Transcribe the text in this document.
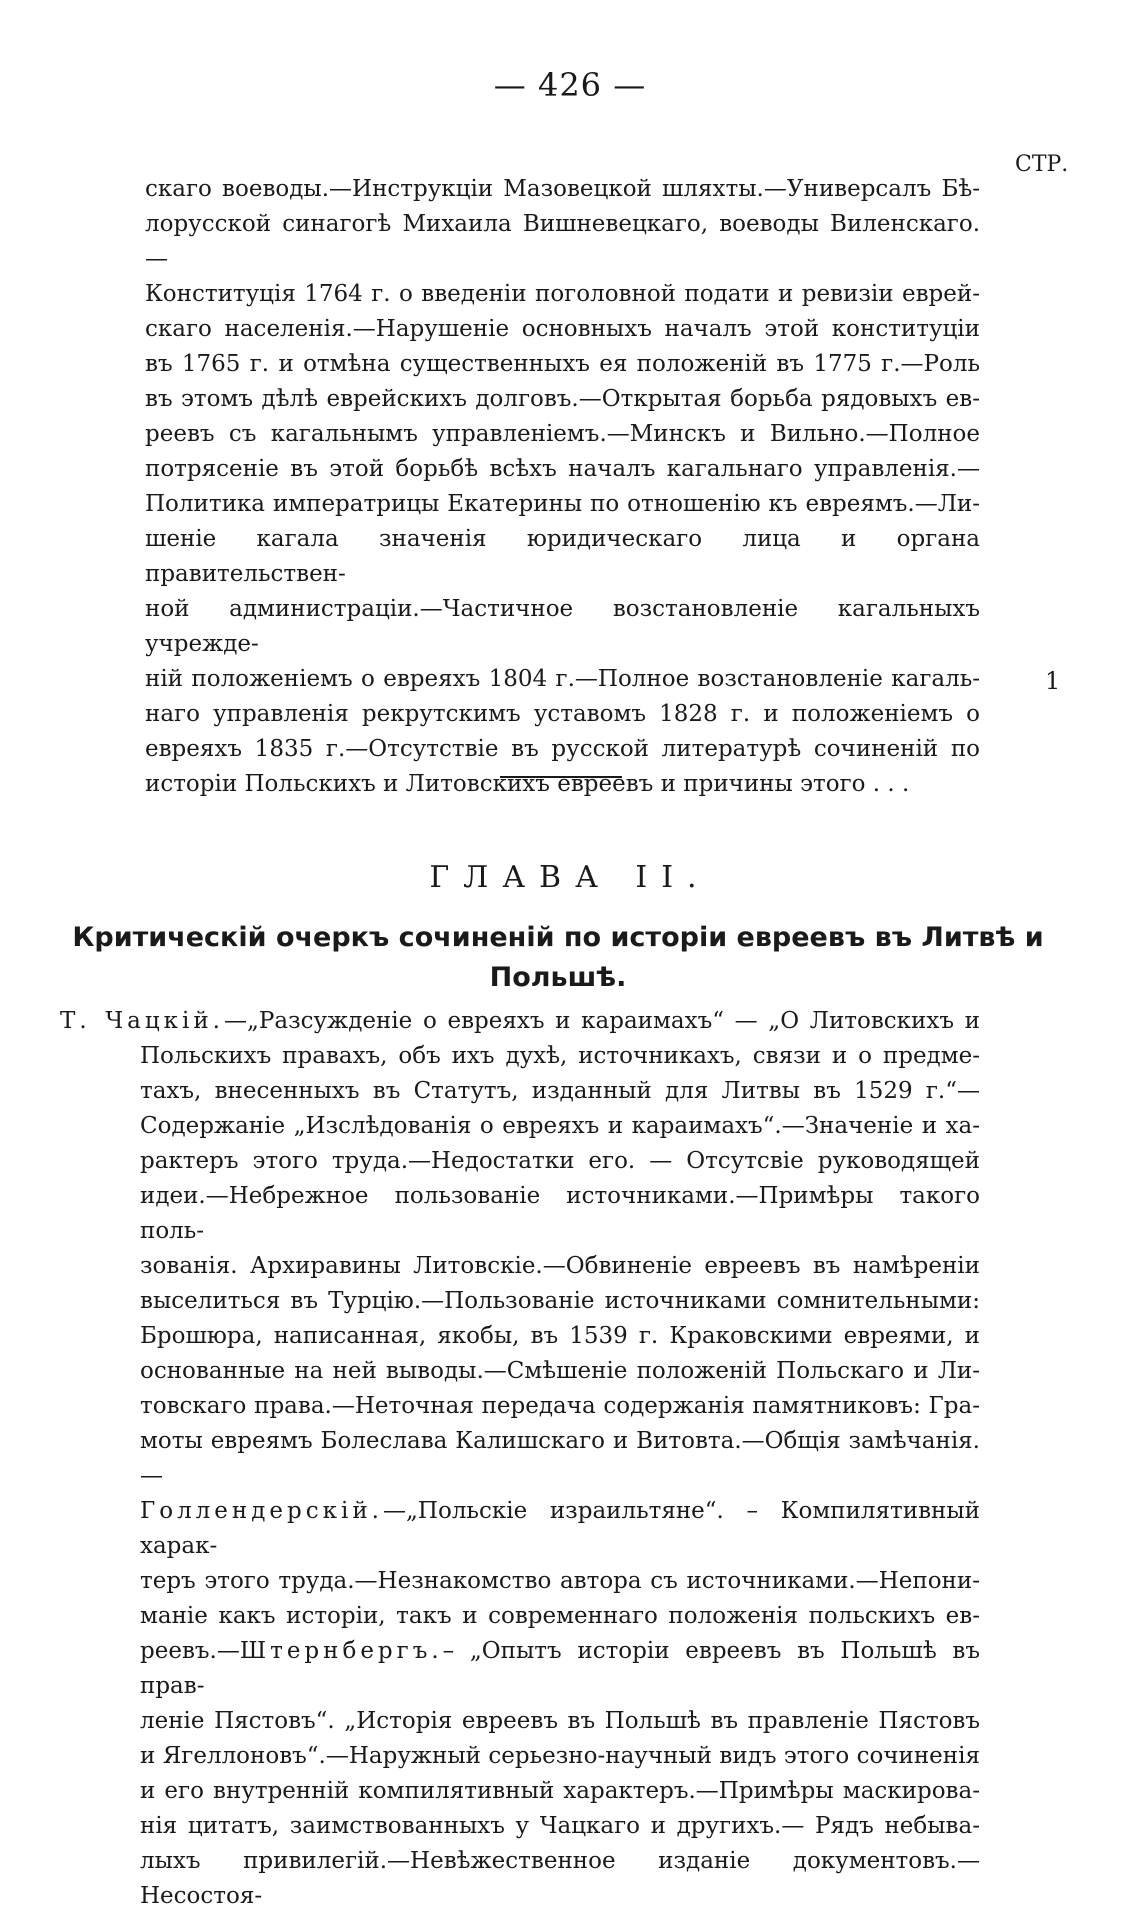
— 426 —
СТР.
скаго воеводы.—Инструкціи Мазовецкой шляхты.—Универсалъ Бѣ-
лорусской синагогѣ Михаила Вишневецкаго, воеводы Виленскаго.—
Конституція 1764 г. о введеніи поголовной подати и ревизіи еврей-
скаго населенія.—Нарушеніе основныхъ началъ этой конституціи
въ 1765 г. и отмѣна существенныхъ ея положеній въ 1775 г.—Роль
въ этомъ дѣлѣ еврейскихъ долговъ.—Открытая борьба рядовыхъ ев-
реевъ съ кагальнымъ управленіемъ.—Минскъ и Вильно.—Полное
потрясеніе въ этой борьбѣ всѣхъ началъ кагальнаго управленія.—
Политика императрицы Екатерины по отношенію къ евреямъ.—Ли-
шеніе кагала значенія юридическаго лица и органа правительствен-
ной администраціи.—Частичное возстановленіе кагальныхъ учрежде-
ній положеніемъ о евреяхъ 1804 г.—Полное возстановленіе кагаль-
наго управленія рекрутскимъ уставомъ 1828 г. и положеніемъ о
евреяхъ 1835 г.—Отсутствіе въ русской литературѣ сочиненій по
исторіи Польскихъ и Литовскихъ евреевъ и причины этого . . .
1
ГЛАВА II.
Критическій очеркъ сочиненій по исторіи евреевъ въ Литвѣ и Польшѣ.
Т. Чацкій.—„Разсужденіе о евреяхъ и караимахъ“ — „О Литовскихъ и
Польскихъ правахъ, объ ихъ духѣ, источникахъ, связи и о предме-
тахъ, внесенныхъ въ Статутъ, изданный для Литвы въ 1529 г.“—
Содержаніе „Изслѣдованія о евреяхъ и караимахъ“.—Значеніе и ха-
рактеръ этого труда.—Недостатки его. — Отсутсвіе руководящей
идеи.—Небрежное пользованіе источниками.—Примѣры такого поль-
зованія. Архиравины Литовскіе.—Обвиненіе евреевъ въ намѣреніи
выселиться въ Турцію.—Пользованіе источниками сомнительными:
Брошюра, написанная, якобы, въ 1539 г. Краковскими евреями, и
основанные на ней выводы.—Смѣшеніе положеній Польскаго и Ли-
товскаго права.—Неточная передача содержанія памятниковъ: Гра-
моты евреямъ Болеслава Калишскаго и Витовта.—Общія замѣчанія.—
Голлендерскій.—„Польскіе израильтяне“. – Компилятивный харак-
теръ этого труда.—Незнакомство автора съ источниками.—Непони-
маніе какъ исторіи, такъ и современнаго положенія польскихъ ев-
реевъ.—Штернбергъ.– „Опытъ исторіи евреевъ въ Польшѣ въ прав-
леніе Пястовъ“. „Исторія евреевъ въ Польшѣ въ правленіе Пястовъ
и Ягеллоновъ“.—Наружный серьезно-научный видъ этого сочиненія
и его внутренній компилятивный характеръ.—Примѣры маскирова-
нія цитатъ, заимствованныхъ у Чацкаго и другихъ.— Рядъ небыва-
лыхъ привилегій.—Невѣжественное изданіе документовъ.—Несостоя-
